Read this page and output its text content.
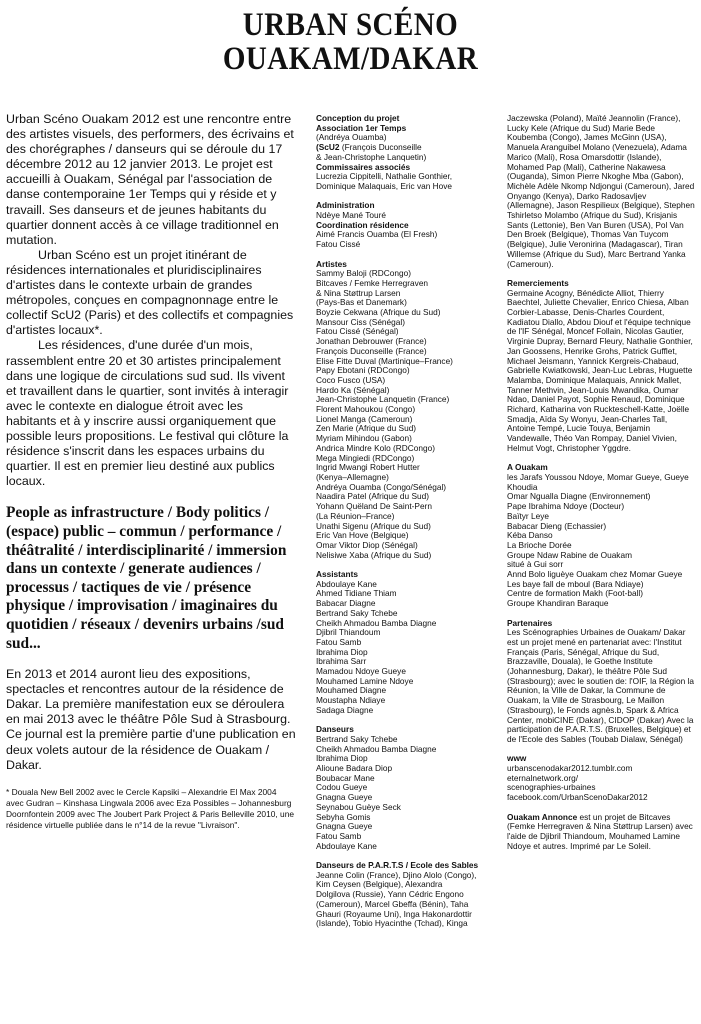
URBAN SCÉNO
OUAKAM/DAKAR

Urban Scéno Ouakam 2012 est une rencontre entre des artistes visuels, des performers, des écrivains et des chorégraphes / danseurs qui se déroule du 17 décembre 2012 au 12 janvier 2013. Le projet est accueilli à Ouakam, Sénégal par l'association de danse contemporaine 1er Temps qui y réside et y travaill. Ses danseurs et de jeunes habitants du quartier donnent accès à ce village traditionnel en mutation.

Urban Scéno est un projet itinérant de résidences internationales et pluridisciplinaires d'artistes dans le contexte urbain de grandes métropoles, conçues en compagnonnage entre le collectif ScU2 (Paris) et des collectifs et compagnies d'artistes locaux*.

Les résidences, d'une durée d'un mois, rassemblent entre 20 et 30 artistes principalement dans une logique de circulations sud sud. Ils vivent et travaillent dans le quartier, sont invités à interagir avec le contexte en dialogue étroit avec les habitants et à y inscrire aussi organiquement que possible leurs propositions. Le festival qui clôture la résidence s'inscrit dans les espaces urbains du quartier. Il est en premier lieu destiné aux publics locaux.

People as infrastructure / Body politics / (espace) public – commun / performance / théâtralité / interdisciplinarité / immersion dans un contexte / generate audiences / processus / tactiques de vie / présence physique / improvisation / imaginaires du quotidien / réseaux / devenirs urbains /sud sud...
En 2013 et 2014 auront lieu des expositions, spectacles et rencontres autour de la résidence de Dakar. La première manifestation eux se déroulera en mai 2013 avec le théâtre Pôle Sud à Strasbourg. Ce journal est la première partie d'une publication en deux volets autour de la résidence de Ouakam / Dakar.
* Douala New Bell 2002 avec le Cercle Kapsiki – Alexandrie El Max 2004 avec Gudran – Kinshasa Lingwala 2006 avec Eza Possibles – Johannesburg Doornfontein 2009 avec The Joubert Park Project & Paris Belleville 2010, une résidence virtuelle publiée dans le n°14 de la revue "Livraison".
Conception du projet
Association 1er Temps
(Andréya Ouamba)
(ScU2 (François Duconseille
& Jean-Christophe Lanquetin)
Commissaires associés
Lucrezia Cippitelli, Nathalie Gonthier,
Dominique Malaquais, Eric van Hove
Administration
Ndèye Mané Touré
Coordination résidence
Aimé Francis Ouamba (El Fresh)
Fatou Cissé
Artistes
Sammy Baloji (RDCongo)
Bitcaves / Femke Herregraven
& Nina Støttrup Larsen
(Pays-Bas et Danemark)
Boyzie Cekwana (Afrique du Sud)
Mansour Ciss (Sénégal)
Fatou Cissé (Sénégal)
Jonathan Debrouwer (France)
François Duconseille (France)
Elise Fitte Duval (Martinique–France)
Papy Ebotani (RDCongo)
Coco Fusco (USA)
Hardo Ka (Sénégal)
Jean-Christophe Lanquetin (France)
Florent Mahoukou (Congo)
Lionel Manga (Cameroun)
Zen Marie (Afrique du Sud)
Myriam Mihindou (Gabon)
Andrica Mindre Kolo (RDCongo)
Mega Mingiedi (RDCongo)
Ingrid Mwangi Robert Hutter
(Kenya–Allemagne)
Andréya Ouamba (Congo/Sénégal)
Naadira Patel (Afrique du Sud)
Yohann Quëland De Saint-Pern
(La Réunion–France)
Unathi Sigenu (Afrique du Sud)
Eric Van Hove (Belgique)
Omar Viktor Diop (Sénégal)
Nelisiwe Xaba (Afrique du Sud)
Assistants
Abdoulaye Kane
Ahmed Tidiane Thiam
Babacar Diagne
Bertrand Saky Tchebe
Cheikh Ahmadou Bamba Diagne
Djibril Thiandoum
Fatou Samb
Ibrahima Diop
Ibrahima Sarr
Mamadou Ndoye Gueye
Mouhamed Lamine Ndoye
Mouhamed Diagne
Moustapha Ndiaye
Sadaga Diagne
Danseurs
Bertrand Saky Tchebe
Cheikh Ahmadou Bamba Diagne
Ibrahima Diop
Alioune Badara Diop
Boubacar Mane
Codou Gueye
Gnagna Gueye
Seynabou Guèye Seck
Sebyha Gomis
Gnagna Gueye
Fatou Samb
Abdoulaye Kane
Danseurs de P.A.R.T.S / Ecole des Sables
Jeanne Colin (France), Djino Alolo (Congo),
Kim Ceysen (Belgique), Alexandra
Dolgilova (Russie), Yann Cédric Engono
(Cameroun), Marcel Gbeffa (Bénin), Taha
Ghauri (Royaume Uni), Inga Hakonardottir
(Islande), Tobio Hyacinthe (Tchad), Kinga
Jaczewska (Poland), Maïté Jeannolin (France), Lucky Kele (Afrique du Sud) Marie Bede Koubemba (Congo), James McGinn (USA), Manuela Aranguibel Molano (Venezuela), Adama Marico (Mali), Rosa Omarsdottir (Islande), Mohamed Pap (Mali), Catherine Nakawesa (Ouganda), Simon Pierre Nkoghe Mba (Gabon), Michèle Adèle Nkomp Ndjongui (Cameroun), Jared Onyango (Kenya), Darko Radosavljev (Allemagne), Jason Respilieux (Belgique), Stephen Tshirletso Molambo (Afrique du Sud), Krisjanis Sants (Lettonie), Ben Van Buren (USA), Pol Van Den Broek (Belgique), Thomas Van Tuycom (Belgique), Julie Veronirina (Madagascar), Tiran Willemse (Afrique du Sud), Marc Bertrand Yanka (Cameroun).
Remerciements
Germaine Acogny, Bénédicte Alliot, Thierry Baechtel, Juliette Chevalier, Enrico Chiesa, Alban Corbier-Labasse, Denis-Charles Courdent, Kadiatou Diallo, Abdou Diouf et l'équipe technique de l'IF Sénégal, Moncef Follain, Nicolas Gautier, Virginie Dupray, Bernard Fleury, Nathalie Gonthier, Jan Goossens, Henrike Grohs, Patrick Gufflet, Michael Jeismann, Yannick Kergreis-Chabaud, Gabrielle Kwiatkowski, Jean-Luc Lebras, Huguette Malamba, Dominique Malaquais, Annick Mallet, Tanner Methvin, Jean-Louis Mwandika, Oumar Ndao, Daniel Payot, Sophie Renaud, Dominique Richard, Katharina von Ruckteschell-Katte, Joëlle Smadja, Aïda Sy Wonyu, Jean-Charles Tall, Antoine Tempé, Lucie Touya, Benjamin Vandewalle, Théo Van Rompay, Daniel Vivien, Helmut Vogt, Christopher Yggdre.
A Ouakam
les Jarafs Youssou Ndoye, Momar Gueye, Gueye Khoudia
Omar Ngualla Diagne (Environnement)
Pape Ibrahima Ndoye (Docteur)
Baïtyr Leye
Babacar Dieng (Echassier)
Kéba Danso
La Brioche Dorée
Groupe Ndaw Rabine de Ouakam
situé à Gui sorr
Annd Bolo liguèye Ouakam chez Momar Gueye
Les baye fall de mboul (Bara Ndiaye)
Centre de formation Makh (Foot-ball)
Groupe Khandiran Baraque
Partenaires
Les Scénographies Urbaines de Ouakam/ Dakar est un projet mené en partenariat avec: l'Institut Français (Paris, Sénégal, Afrique du Sud, Brazzaville, Douala), le Goethe Institute (Johannesburg, Dakar), le théâtre Pôle Sud (Strasbourg); avec le soutien de: l'OIF, la Région la Réunion, la Ville de Dakar, la Commune de Ouakam, la Ville de Strasbourg, Le Maillon (Strasbourg), le Fonds agnès.b, Spark & Africa Center, mobiCINE (Dakar), CIDOP (Dakar) Avec la participation de P.A.R.T.S. (Bruxelles, Belgique) et de l'Ecole des Sables (Toubab Dialaw, Sénégal)
www
urbanscenodakar2012.tumblr.com
eternalnetwork.org/
scenographies-urbaines
facebook.com/UrbanScenoDakar2012
Ouakam Annonce est un projet de Bitcaves (Femke Herregraven & Nina Støttrup Larsen) avec l'aide de Djibril Thiandoum, Mouhamed Lamine Ndoye et autres. Imprimé par Le Soleil.
